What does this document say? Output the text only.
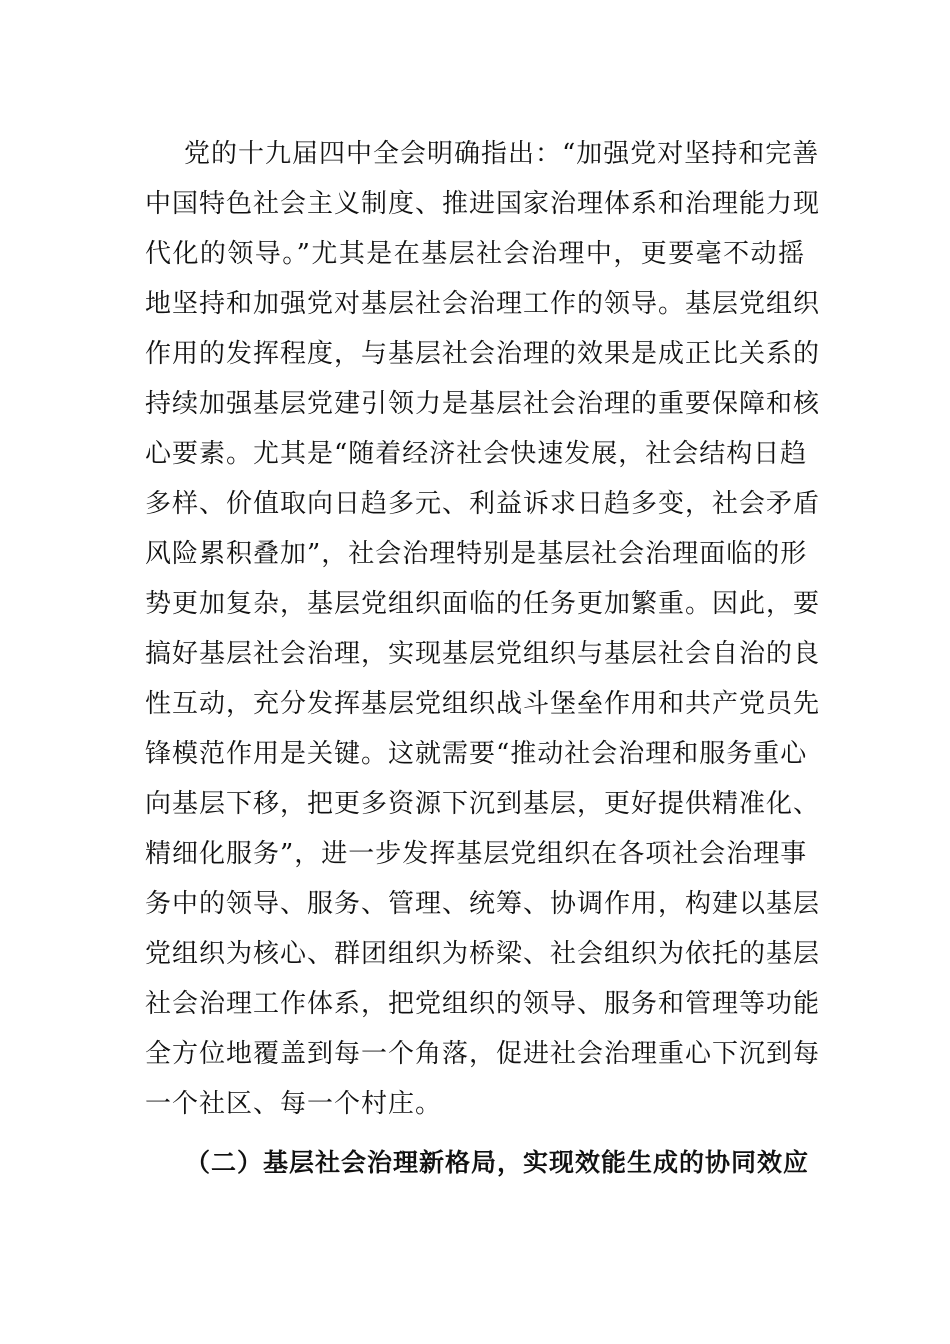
党的十九届四中全会明确指出：“加强党对坚持和完善
中国特色社会主义制度、推进国家治理体系和治理能力现
代化的领导。”尤其是在基层社会治理中，更要毫不动摇
地坚持和加强党对基层社会治理工作的领导。基层党组织
作用的发挥程度，与基层社会治理的效果是成正比关系的
持续加强基层党建引领力是基层社会治理的重要保障和核
心要素。尤其是“随着经济社会快速发展，社会结构日趋
多样、价值取向日趋多元、利益诉求日趋多变，社会矛盾
风险累积叠加”，社会治理特别是基层社会治理面临的形
势更加复杂，基层党组织面临的任务更加繁重。因此，要
搞好基层社会治理，实现基层党组织与基层社会自治的良
性互动，充分发挥基层党组织战斗堡垒作用和共产党员先
锋模范作用是关键。这就需要“推动社会治理和服务重心
向基层下移，把更多资源下沉到基层，更好提供精准化、
精细化服务”，进一步发挥基层党组织在各项社会治理事
务中的领导、服务、管理、统筹、协调作用，构建以基层
党组织为核心、群团组织为桥梁、社会组织为依托的基层
社会治理工作体系，把党组织的领导、服务和管理等功能
全方位地覆盖到每一个角落，促进社会治理重心下沉到每
一个社区、每一个村庄。
（二）基层社会治理新格局，实现效能生成的协同效应
